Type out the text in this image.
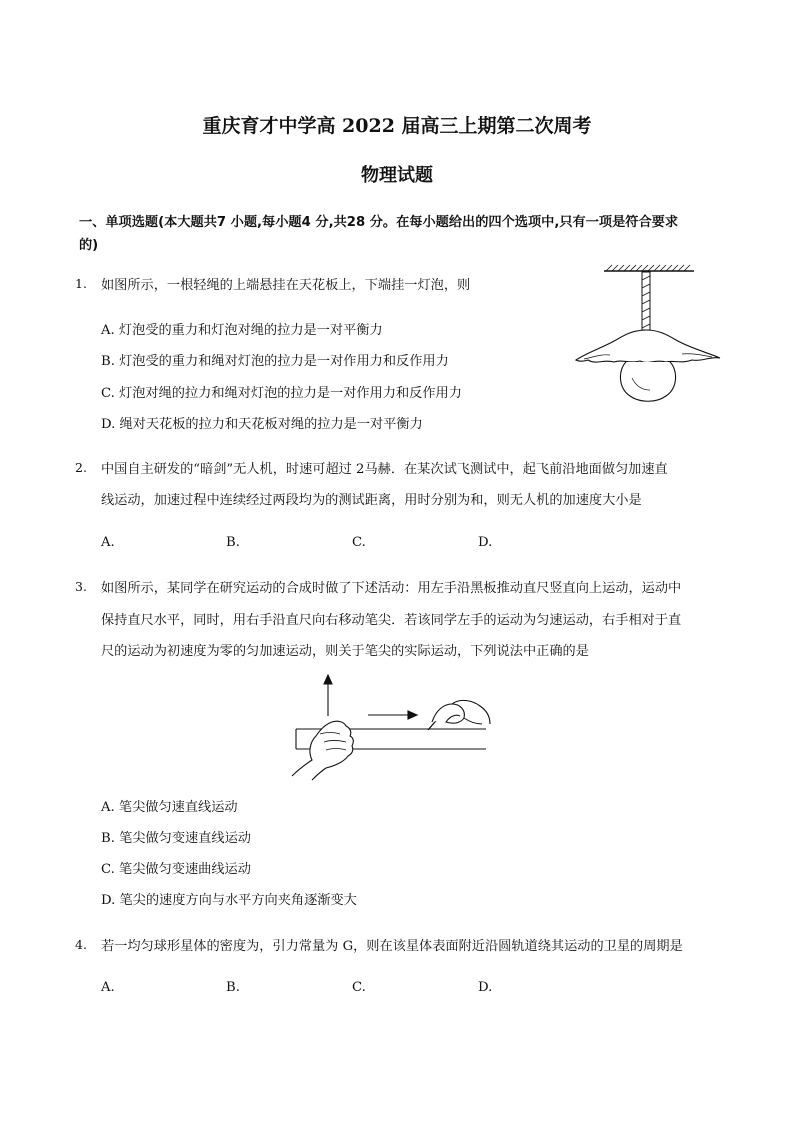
重庆育才中学高 2022 届高三上期第二次周考
物理试题
一、单项选题(本大题共7 小题,每小题4 分,共28 分。在每小题给出的四个选项中,只有一项是符合要求
的)
1. 如图所示，一根轻绳的上端悬挂在天花板上，下端挂一灯泡，则
A. 灯泡受的重力和灯泡对绳的拉力是一对平衡力
B. 灯泡受的重力和绳对灯泡的拉力是一对作用力和反作用力
C. 灯泡对绳的拉力和绳对灯泡的拉力是一对作用力和反作用力
D. 绳对天花板的拉力和天花板对绳的拉力是一对平衡力
2. 中国自主研发的“暗剑”无人机，时速可超过 2马赫．在某次试飞测试中，起飞前沿地面做匀加速直
线运动，加速过程中连续经过两段均为的测试距离，用时分别为和，则无人机的加速度大小是
A.	B.	C.	D.
3. 如图所示，某同学在研究运动的合成时做了下述活动：用左手沿黑板推动直尺竖直向上运动，运动中
保持直尺水平，同时，用右手沿直尺向右移动笔尖．若该同学左手的运动为匀速运动，右手相对于直
尺的运动为初速度为零的匀加速运动，则关于笔尖的实际运动，下列说法中正确的是
A. 笔尖做匀速直线运动
B. 笔尖做匀变速直线运动
C. 笔尖做匀变速曲线运动
D. 笔尖的速度方向与水平方向夹角逐渐变大
4. 若一均匀球形星体的密度为，引力常量为 G，则在该星体表面附近沿圆轨道绕其运动的卫星的周期是
A.	B.	C.	D.
